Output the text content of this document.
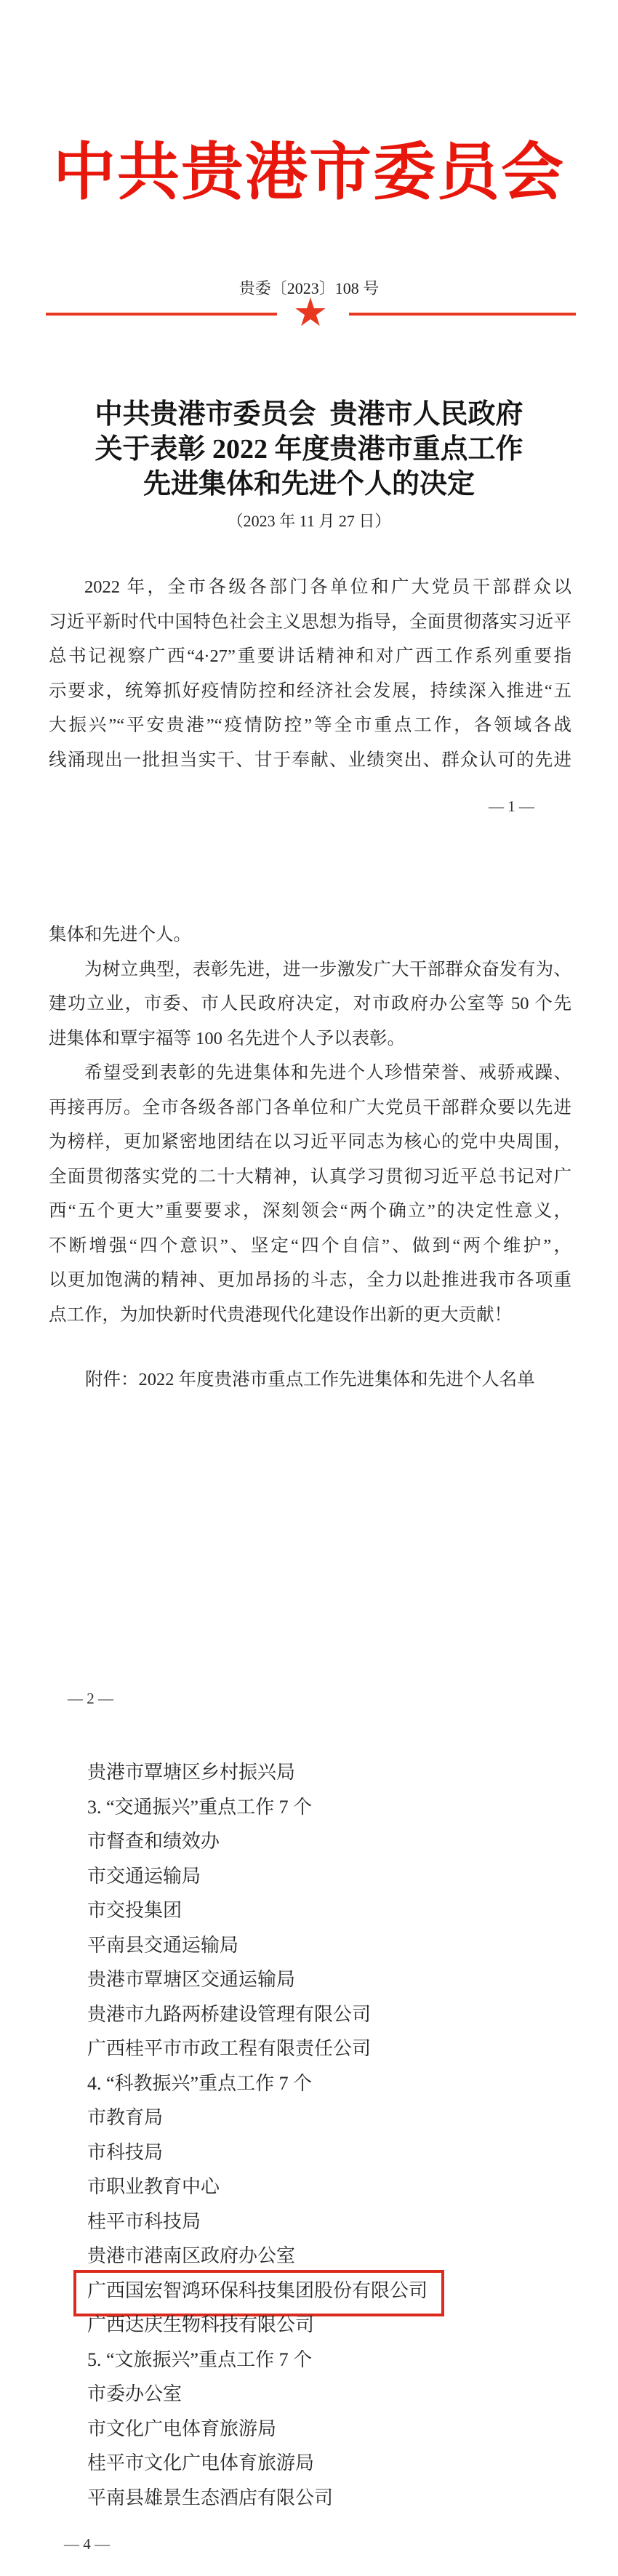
中共贵港市委员会
贵委〔2023〕108 号
★
中共贵港市委员会  贵港市人民政府
关于表彰 2022 年度贵港市重点工作
先进集体和先进个人的决定
（2023 年 11 月 27 日）
2022 年，全市各级各部门各单位和广大党员干部群众以
习近平新时代中国特色社会主义思想为指导，全面贯彻落实习近平
总书记视察广西“4·27”重要讲话精神和对广西工作系列重要指
示要求，统筹抓好疫情防控和经济社会发展，持续深入推进“五
大振兴”“平安贵港”“疫情防控”等全市重点工作，各领域各战
线涌现出一批担当实干、甘于奉献、业绩突出、群众认可的先进
— 1 —
集体和先进个人。
为树立典型，表彰先进，进一步激发广大干部群众奋发有为、
建功立业，市委、市人民政府决定，对市政府办公室等 50 个先
进集体和覃宇福等 100 名先进个人予以表彰。
希望受到表彰的先进集体和先进个人珍惜荣誉、戒骄戒躁、
再接再厉。全市各级各部门各单位和广大党员干部群众要以先进
为榜样，更加紧密地团结在以习近平同志为核心的党中央周围，
全面贯彻落实党的二十大精神，认真学习贯彻习近平总书记对广
西“五个更大”重要要求，深刻领会“两个确立”的决定性意义，
不断增强“四个意识”、坚定“四个自信”、做到“两个维护”，
以更加饱满的精神、更加昂扬的斗志，全力以赴推进我市各项重
点工作，为加快新时代贵港现代化建设作出新的更大贡献！
附件：2022 年度贵港市重点工作先进集体和先进个人名单
— 2 —
贵港市覃塘区乡村振兴局
3. “交通振兴”重点工作 7 个
市督查和绩效办
市交通运输局
市交投集团
平南县交通运输局
贵港市覃塘区交通运输局
贵港市九路两桥建设管理有限公司
广西桂平市市政工程有限责任公司
4. “科教振兴”重点工作 7 个
市教育局
市科技局
市职业教育中心
桂平市科技局
贵港市港南区政府办公室
广西国宏智鸿环保科技集团股份有限公司
广西达庆生物科技有限公司
5. “文旅振兴”重点工作 7 个
市委办公室
市文化广电体育旅游局
桂平市文化广电体育旅游局
平南县雄景生态酒店有限公司
— 4 —
